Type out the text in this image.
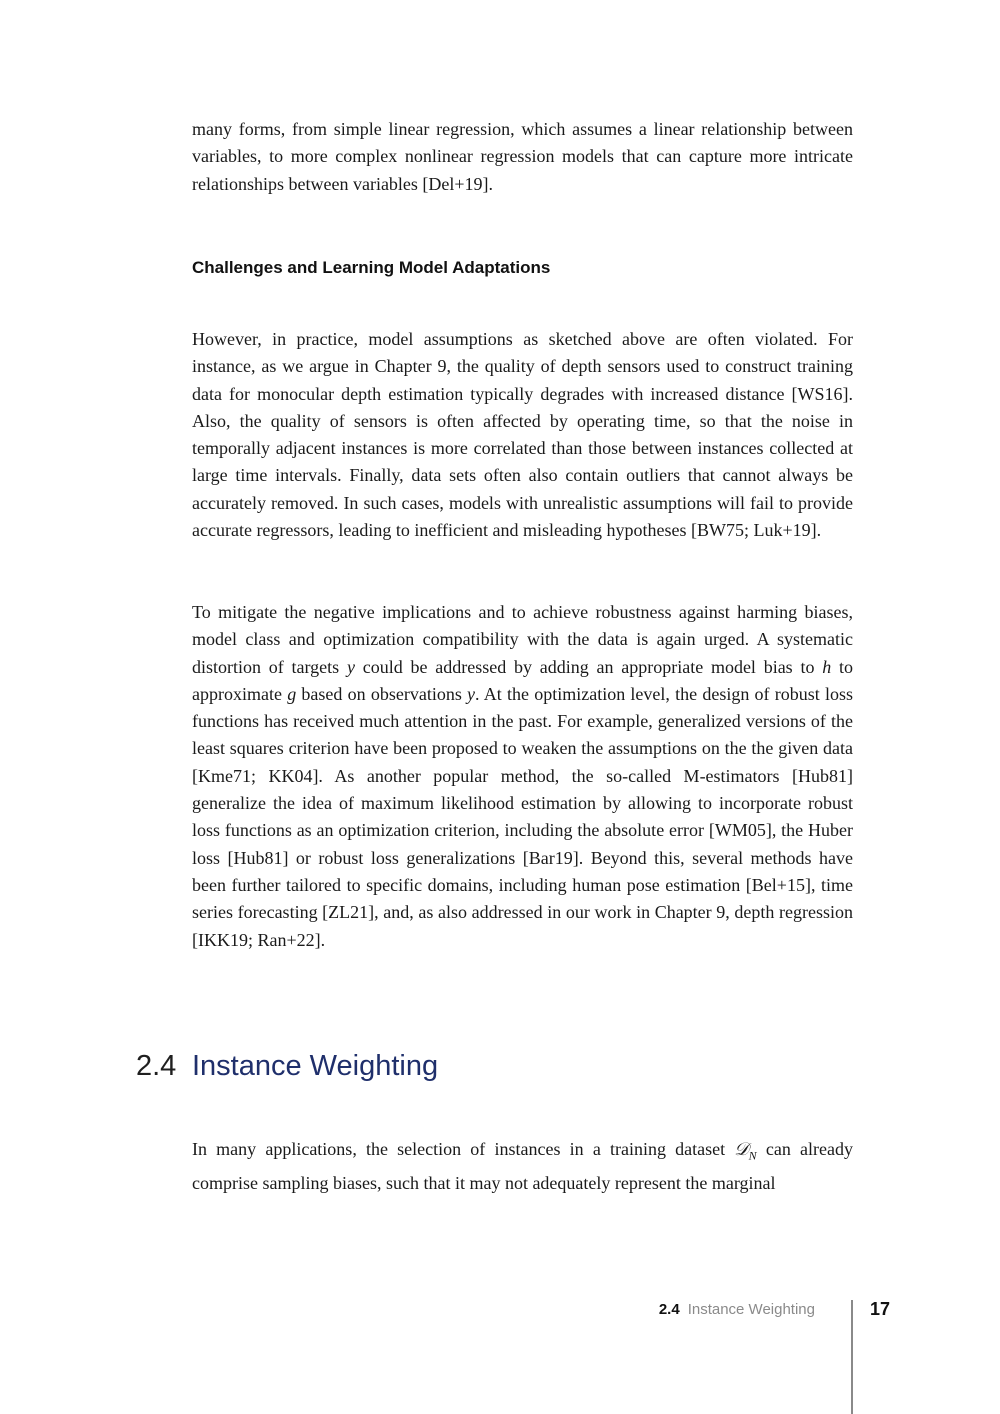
many forms, from simple linear regression, which assumes a linear relationship between variables, to more complex nonlinear regression models that can capture more intricate relationships between variables [Del+19].

Challenges and Learning Model Adaptations

However, in practice, model assumptions as sketched above are often violated. For instance, as we argue in Chapter 9, the quality of depth sensors used to construct training data for monocular depth estimation typically degrades with increased distance [WS16]. Also, the quality of sensors is often affected by operating time, so that the noise in temporally adjacent instances is more correlated than those between instances collected at large time intervals. Finally, data sets often also contain outliers that cannot always be accurately removed. In such cases, models with unrealistic assumptions will fail to provide accurate regressors, leading to inefficient and misleading hypotheses [BW75; Luk+19].

To mitigate the negative implications and to achieve robustness against harming biases, model class and optimization compatibility with the data is again urged. A systematic distortion of targets y could be addressed by adding an appropriate model bias to h to approximate g based on observations y. At the optimization level, the design of robust loss functions has received much attention in the past. For example, generalized versions of the least squares criterion have been proposed to weaken the assumptions on the the given data [Kme71; KK04]. As another popular method, the so-called M-estimators [Hub81] generalize the idea of maximum likelihood estimation by allowing to incorporate robust loss functions as an optimization criterion, including the absolute error [WM05], the Huber loss [Hub81] or robust loss generalizations [Bar19]. Beyond this, several methods have been further tailored to specific domains, including human pose estimation [Bel+15], time series forecasting [ZL21], and, as also addressed in our work in Chapter 9, depth regression [IKK19; Ran+22].

2.4 Instance Weighting

In many applications, the selection of instances in a training dataset 𝒟$_N$ can already comprise sampling biases, such that it may not adequately represent the marginal

2.4 Instance Weighting	17
